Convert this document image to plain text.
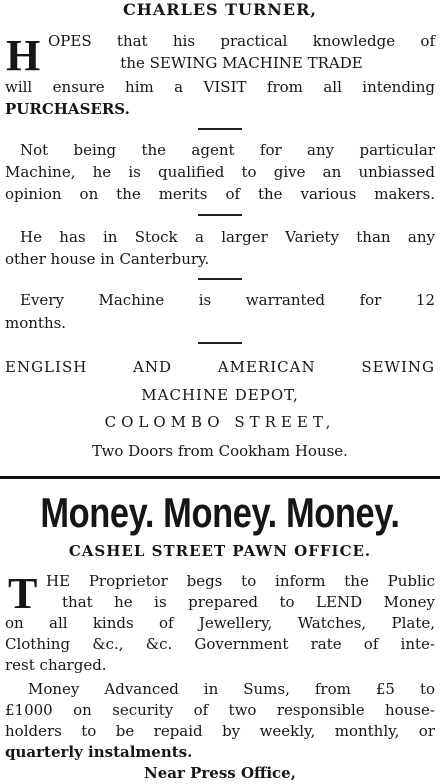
CHARLES TURNER,
H OPES that his practical knowledge of
the SEWING MACHINE TRADE
will ensure him a VISIT from all intending
PURCHASERS.
Not being the agent for any particular
Machine, he is qualified to give an unbiassed
opinion on the merits of the various makers.
He has in Stock a larger Variety than any
other house in Canterbury.
Every Machine is warranted for 12
months.
ENGLISH AND AMERICAN SEWING
MACHINE DEPOT,
COLOMBO STREET,
Two Doors from Cookham House.
Money. Money. Money.
CASHEL STREET PAWN OFFICE.
T HE Proprietor begs to inform the Public
that he is prepared to LEND Money
on all kinds of Jewellery, Watches, Plate,
Clothing &c., &c. Government rate of inte-
rest charged.
Money Advanced in Sums, from £5 to
£1000 on security of two responsible house-
holders to be repaid by weekly, monthly, or
quarterly instalments.
Near Press Office,
